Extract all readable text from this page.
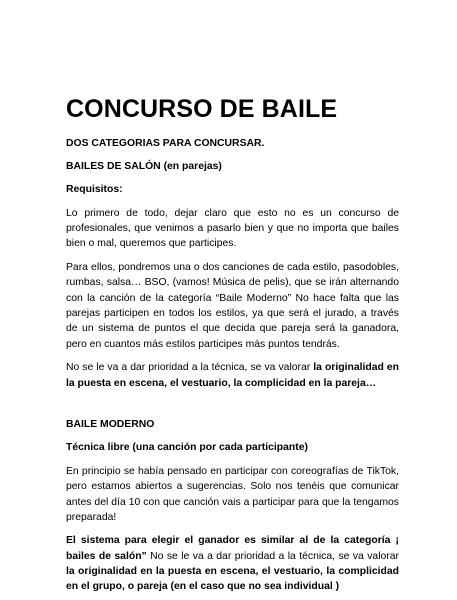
CONCURSO DE BAILE

DOS CATEGORIAS PARA CONCURSAR.

BAILES DE SALÓN (en parejas)

Requisitos:

Lo primero de todo, dejar claro que esto no es un concurso de profesionales, que venimos a pasarlo bien y que no importa que bailes bien o mal, queremos que participes.

Para ellos, pondremos una o dos canciones de cada estilo, pasodobles, rumbas, salsa… BSO, (vamos! Música de pelis), que se irán alternando con la canción de la categoría “Baile Moderno” No hace falta que las parejas participen en todos los estilos, ya que será el jurado, a través de un sistema de puntos el que decida que pareja será la ganadora, pero en cuantos más estilos participes más puntos tendrás.

No se le va a dar prioridad a la técnica, se va valorar la originalidad en la puesta en escena, el vestuario, la complicidad en la pareja…

BAILE MODERNO

Técnica libre (una canción por cada participante)

En principio se había pensado en participar con coreografías de TikTok, pero estamos abiertos a sugerencias. Solo nos tenéis que comunicar antes del día 10 con que canción vais a participar para que la tengamos preparada!

El sistema para elegir el ganador es similar al de la categoría ¡ bailes de salón” No se le va a dar prioridad a la técnica, se va valorar la originalidad en la puesta en escena, el vestuario, la complicidad en el grupo, o pareja (en el caso que no sea individual )
